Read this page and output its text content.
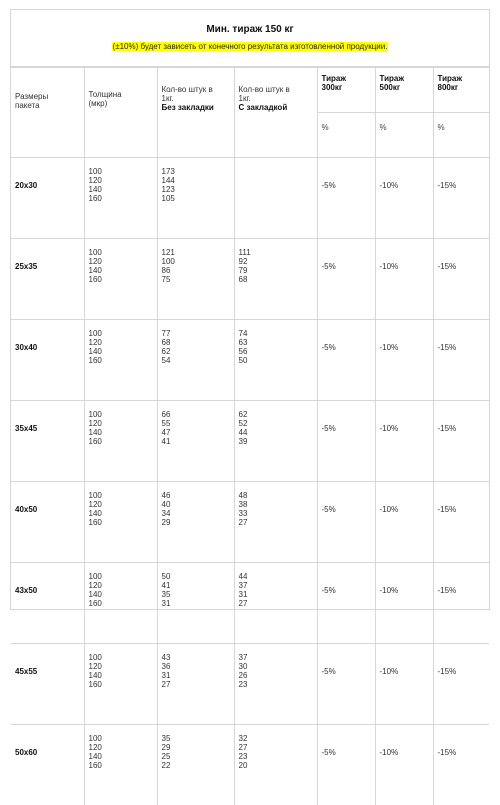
Мин. тираж 150 кг
(±10%) будет зависеть от конечного результата изготовленной продукции.
Размеры
пакета	Толщина
(мкр)	Кол-во штук в
1кг.
Без закладки	Кол-во штук в
1кг.
С закладкой	Тираж
300кг	Тираж
500кг	Тираж
800кг

				%	%	%
20x30	100
120
140
160	173
144
123
105		-5%	-10%	-15%
25x35	100
120
140
160	121
100
86
75	111
92
79
68	-5%	-10%	-15%
30x40	100
120
140
160	77
68
62
54	74
63
56
50	-5%	-10%	-15%
35x45	100
120
140
160	66
55
47
41	62
52
44
39	-5%	-10%	-15%
40x50	100
120
140
160	46
40
34
29	48
38
33
27	-5%	-10%	-15%
43x50	100
120
140
160	50
41
35
31	44
37
31
27	-5%	-10%	-15%
45x55	100
120
140
160	43
36
31
27	37
30
26
23	-5%	-10%	-15%
50x60	100
120
140
160	35
29
25
22	32
27
23
20	-5%	-10%	-15%
